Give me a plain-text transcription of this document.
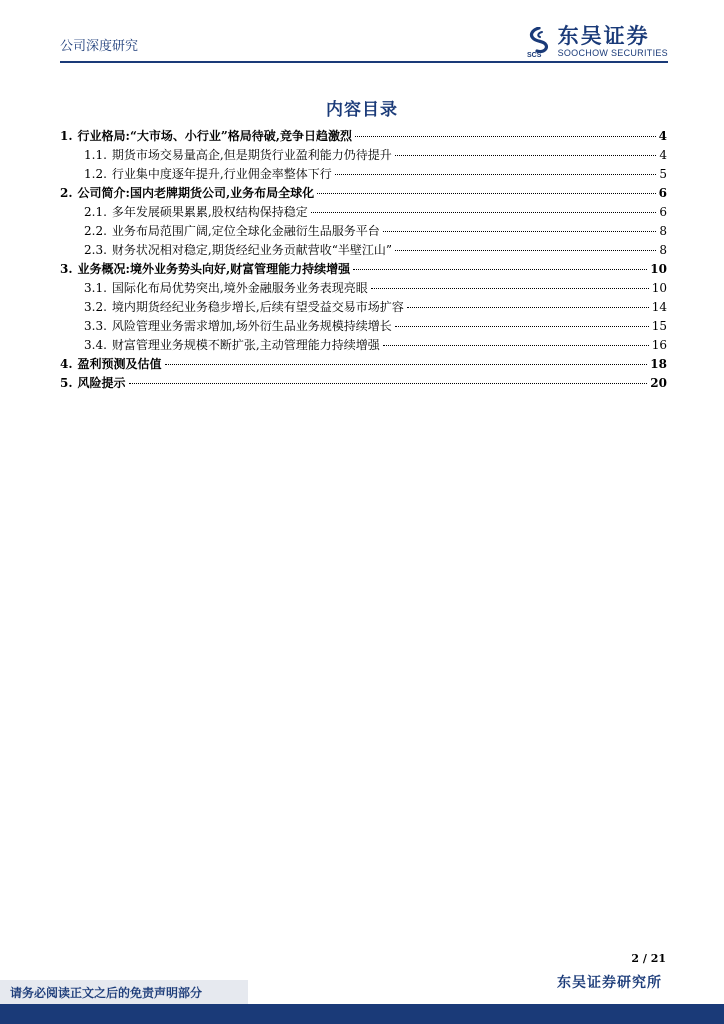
公司深度研究
SCS
东吴证券
SOOCHOW SECURITIES
内容目录
1. 行业格局:“大市场、小行业”格局待破,竞争日趋激烈	4
1.1. 期货市场交易量高企,但是期货行业盈利能力仍待提升	4
1.2. 行业集中度逐年提升,行业佣金率整体下行	5
2. 公司简介:国内老牌期货公司,业务布局全球化	6
2.1. 多年发展硕果累累,股权结构保持稳定	6
2.2. 业务布局范围广阔,定位全球化金融衍生品服务平台	8
2.3. 财务状况相对稳定,期货经纪业务贡献营收“半壁江山”	8
3. 业务概况:境外业务势头向好,财富管理能力持续增强	10
3.1. 国际化布局优势突出,境外金融服务业务表现亮眼	10
3.2. 境内期货经纪业务稳步增长,后续有望受益交易市场扩容	14
3.3. 风险管理业务需求增加,场外衍生品业务规模持续增长	15
3.4. 财富管理业务规模不断扩张,主动管理能力持续增强	16
4. 盈利预测及估值	18
5. 风险提示	20
2 / 21
东吴证券研究所
请务必阅读正文之后的免责声明部分
